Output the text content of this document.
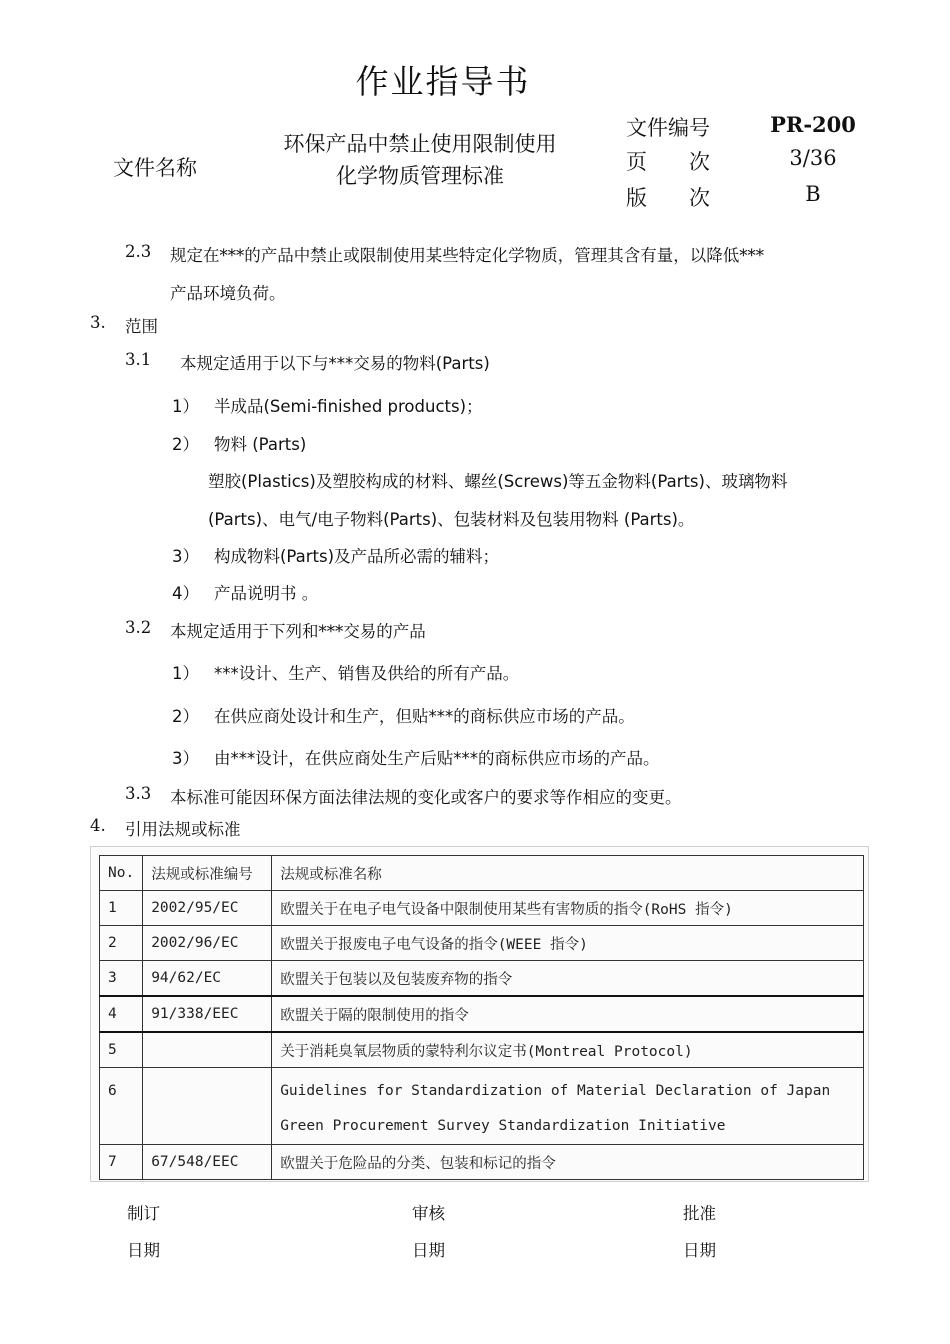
作业指导书
文件名称
环保产品中禁止使用限制使用
化学物质管理标准
文件编号	PR-200
页　　次	3/36
版　　次	B
2.3 规定在***的产品中禁止或限制使用某些特定化学物质，管理其含有量，以降低***
产品环境负荷。
3. 范围
3.1 本规定适用于以下与***交易的物料(Parts)
1） 半成品(Semi-finished products)；
2） 物料 (Parts)
塑胶(Plastics)及塑胶构成的材料、螺丝(Screws)等五金物料(Parts)、玻璃物料
(Parts)、电气/电子物料(Parts)、包装材料及包装用物料 (Parts)。
3） 构成物料(Parts)及产品所必需的辅料；
4） 产品说明书 。
3.2 本规定适用于下列和***交易的产品
1） ***设计、生产、销售及供给的所有产品。
2） 在供应商处设计和生产，但贴***的商标供应市场的产品。
3） 由***设计，在供应商处生产后贴***的商标供应市场的产品。
3.3 本标准可能因环保方面法律法规的变化或客户的要求等作相应的变更。
4. 引用法规或标准
No.	法规或标准编号	法规或标准名称
1	2002/95/EC	欧盟关于在电子电气设备中限制使用某些有害物质的指令(RoHS 指令)
2	2002/96/EC	欧盟关于报废电子电气设备的指令(WEEE 指令)
3	94/62/EC	欧盟关于包装以及包装废弃物的指令
4	91/338/EEC	欧盟关于隔的限制使用的指令
5		关于消耗臭氧层物质的蒙特利尔议定书(Montreal Protocol)
6		Guidelines for Standardization of Material Declaration of Japan Green Procurement Survey Standardization Initiative
7	67/548/EEC	欧盟关于危险品的分类、包装和标记的指令
制订	审核	批准
日期	日期	日期
